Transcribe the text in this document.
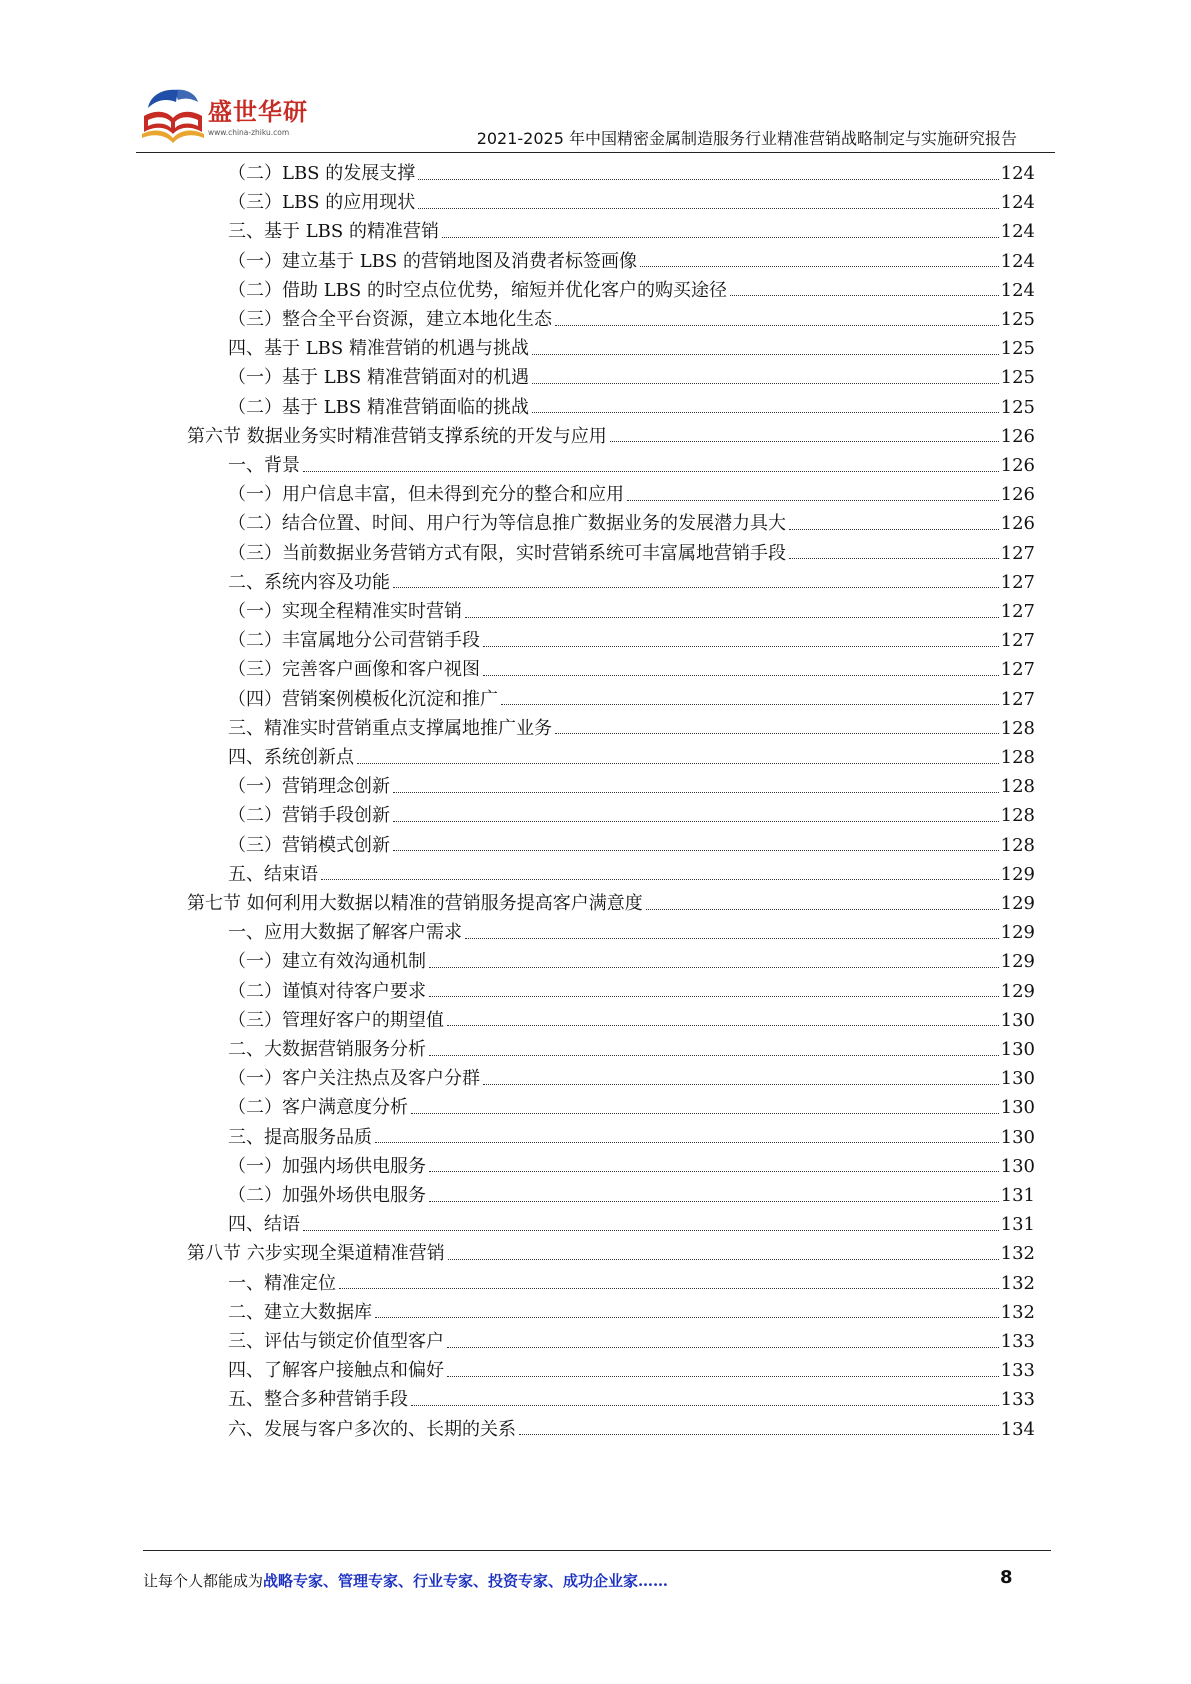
盛世华研
www.china-zhiku.com	2021-2025 年中国精密金属制造服务行业精准营销战略制定与实施研究报告
（二）LBS 的发展支撑	124
（三）LBS 的应用现状	124
三、基于 LBS 的精准营销	124
（一）建立基于 LBS 的营销地图及消费者标签画像	124
（二）借助 LBS 的时空点位优势，缩短并优化客户的购买途径	124
（三）整合全平台资源，建立本地化生态	125
四、基于 LBS 精准营销的机遇与挑战	125
（一）基于 LBS 精准营销面对的机遇	125
（二）基于 LBS 精准营销面临的挑战	125
第六节 数据业务实时精准营销支撑系统的开发与应用	126
一、背景	126
（一）用户信息丰富，但未得到充分的整合和应用	126
（二）结合位置、时间、用户行为等信息推广数据业务的发展潜力具大	126
（三）当前数据业务营销方式有限，实时营销系统可丰富属地营销手段	127
二、系统内容及功能	127
（一）实现全程精准实时营销	127
（二）丰富属地分公司营销手段	127
（三）完善客户画像和客户视图	127
（四）营销案例模板化沉淀和推广	127
三、精准实时营销重点支撑属地推广业务	128
四、系统创新点	128
（一）营销理念创新	128
（二）营销手段创新	128
（三）营销模式创新	128
五、结束语	129
第七节 如何利用大数据以精准的营销服务提高客户满意度	129
一、应用大数据了解客户需求	129
（一）建立有效沟通机制	129
（二）谨慎对待客户要求	129
（三）管理好客户的期望值	130
二、大数据营销服务分析	130
（一）客户关注热点及客户分群	130
（二）客户满意度分析	130
三、提高服务品质	130
（一）加强内场供电服务	130
（二）加强外场供电服务	131
四、结语	131
第八节 六步实现全渠道精准营销	132
一、精准定位	132
二、建立大数据库	132
三、评估与锁定价值型客户	133
四、了解客户接触点和偏好	133
五、整合多种营销手段	133
六、发展与客户多次的、长期的关系	134
让每个人都能成为战略专家、管理专家、行业专家、投资专家、成功企业家……	8
